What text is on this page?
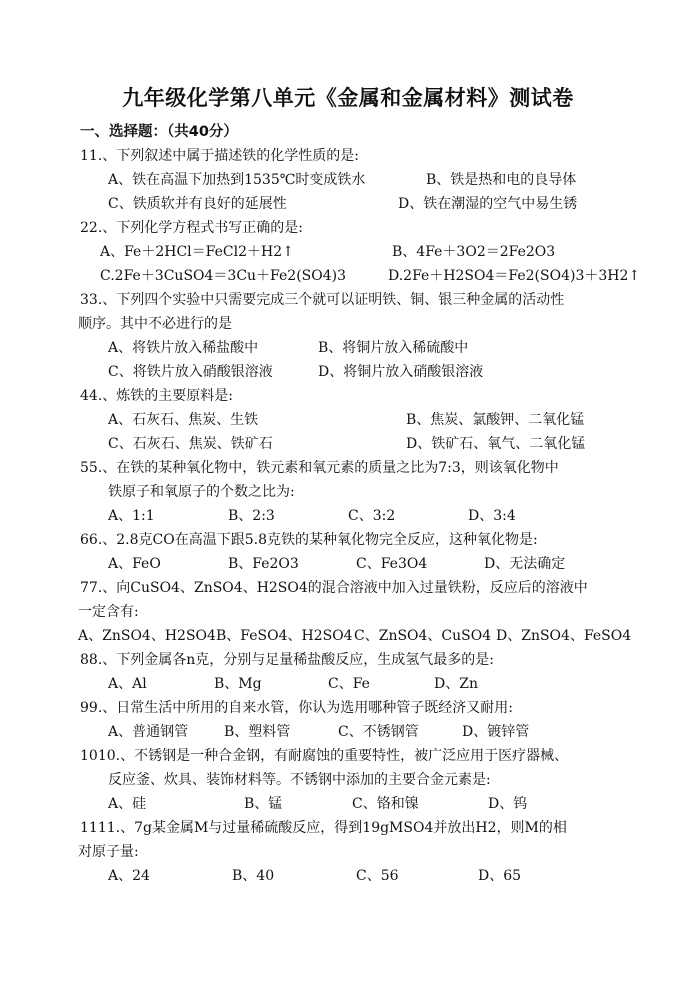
九年级化学第八单元《金属和金属材料》测试卷
一、选择题：（共40分）
11.、下列叙述中属于描述铁的化学性质的是:
A、铁在高温下加热到1535℃时变成铁水	B、铁是热和电的良导体
C、铁质软并有良好的延展性	D、铁在潮湿的空气中易生锈
22.、下列化学方程式书写正确的是:
A、Fe＋2HCl＝FeCl2＋H2↑	B、4Fe＋3O2＝2Fe2O3
C.2Fe＋3CuSO4＝3Cu＋Fe2(SO4)3	D.2Fe＋H2SO4＝Fe2(SO4)3＋3H2↑
33.、下列四个实验中只需要完成三个就可以证明铁、铜、银三种金属的活动性
顺序。其中不必进行的是
A、将铁片放入稀盐酸中	B、将铜片放入稀硫酸中
C、将铁片放入硝酸银溶液	D、将铜片放入硝酸银溶液
44.、炼铁的主要原料是:
A、石灰石、焦炭、生铁	B、焦炭、氯酸钾、二氧化锰
C、石灰石、焦炭、铁矿石	D、铁矿石、氧气、二氧化锰
55.、在铁的某种氧化物中，铁元素和氧元素的质量之比为7:3，则该氧化物中
铁原子和氧原子的个数之比为:
A、1:1	B、2:3	C、3:2	D、3:4
66.、2.8克CO在高温下跟5.8克铁的某种氧化物完全反应，这种氧化物是:
A、FeO	B、Fe2O3	C、Fe3O4	D、无法确定
77.、向CuSO4、ZnSO4、H2SO4的混合溶液中加入过量铁粉，反应后的溶液中
一定含有:
A、ZnSO4、H2SO4 B、FeSO4、H2SO4 C、ZnSO4、CuSO4 D、ZnSO4、FeSO4
88.、下列金属各n克，分别与足量稀盐酸反应，生成氢气最多的是:
A、Al	B、Mg	C、Fe	D、Zn
99.、日常生活中所用的自来水管，你认为选用哪种管子既经济又耐用:
A、普通钢管	B、塑料管	C、不锈钢管	D、镀锌管
1010.、不锈钢是一种合金钢，有耐腐蚀的重要特性，被广泛应用于医疗器械、
反应釜、炊具、装饰材料等。不锈钢中添加的主要合金元素是:
A、硅	B、锰	C、铬和镍	D、钨
1111.、7g某金属M与过量稀硫酸反应，得到19gMSO4并放出H2，则M的相
对原子量:
A、24	B、40	C、56	D、65
